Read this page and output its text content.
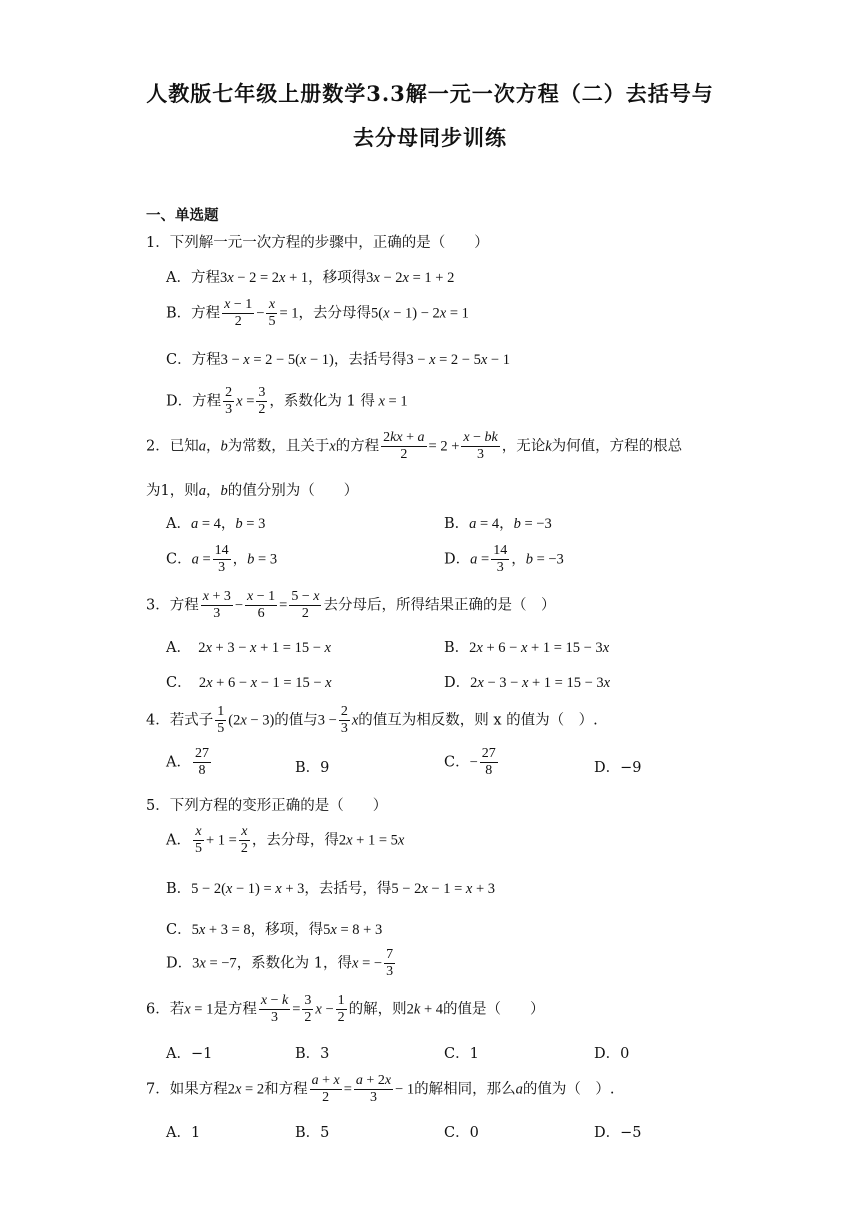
人教版七年级上册数学3.3解一元一次方程（二）去括号与
去分母同步训练
一、单选题
1．下列解一元一次方程的步骤中，正确的是（　　）
A．方程3x − 2 = 2x + 1，移项得3x − 2x = 1 + 2
B．方程 $\frac{x - 1}{2} - \frac{x}{5} = 1$，去分母得5(x − 1) − 2x = 1
C．方程3 − x = 2 − 5(x − 1)，去括号得3 − x = 2 − 5x − 1
D．方程 $\frac{2}{3}$ $x = \frac{3}{2}$ ，系数化为 1 得 x = 1
2．已知a，b为常数，且关于x的方程 $\frac{2kx + a}{2} = 2 + \frac{x - bk}{3}$ ，无论k为何值，方程的根总
为1，则a，b的值分别为（　　）
A．a = 4，b = 3	B．a = 4，b = −3
C．$a = \frac{14}{3}$ ，b = 3	D．$a = \frac{14}{3}$ ，b = −3
3．方程 $\frac{x + 3}{3} - \frac{x - 1}{6} = \frac{5 - x}{2}$ 去分母后，所得结果正确的是（　）
A．　2x + 3 − x + 1 = 15 − x	B．2x + 6 − x + 1 = 15 − 3x
C．　2x + 6 − x − 1 = 15 − x	D．2x − 3 − x + 1 = 15 − 3x
4．若式子 $\frac{1}{5} (2x - 3)$的值与$3 - \frac{2}{3}$ x的值互为相反数，则 x 的值为（　）.
A． $\frac{27}{8}$	B．9	C．− $\frac{27}{8}$	D．−9
5．下列方程的变形正确的是（　　）
A． $\frac{x}{5} + 1 = \frac{x}{2}$ ，去分母，得2x + 1 = 5x
B．5 − 2(x − 1) = x + 3，去括号，得5 − 2x − 1 = x + 3
C．5x + 3 = 8，移项，得5x = 8 + 3
D．3x = −7，系数化为 1，得x = − $\frac{7}{3}$
6．若x = 1是方程 $\frac{x - k}{3} = \frac{3}{2}$ $x - \frac{1}{2}$ 的解，则2k + 4的值是（　　）
A．−1	B．3	C．1	D．0
7．如果方程2x = 2和方程 $\frac{a + x}{2} = \frac{a + 2x}{3} - 1$的解相同，那么a的值为（　）.
A．1	B．5	C．0	D．−5
